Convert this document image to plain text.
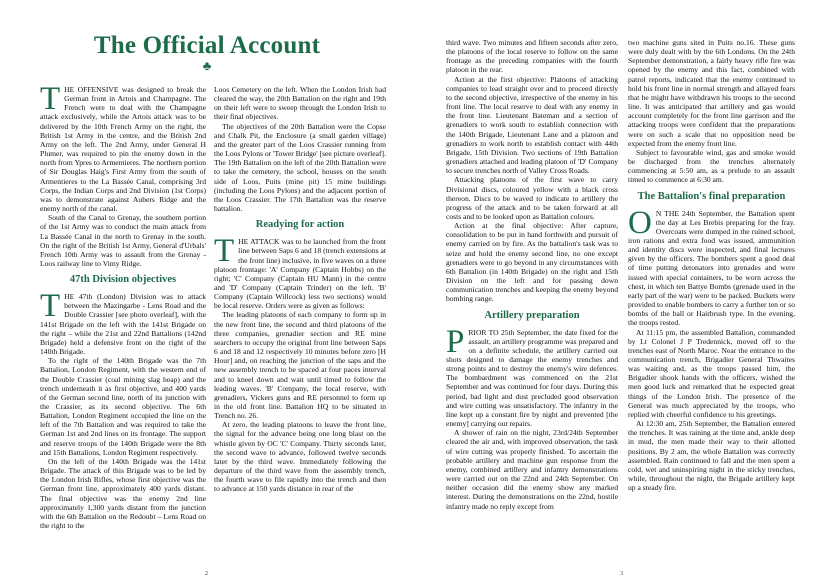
The Official Account
♣

THE OFFENSIVE was designed to break the German front in Artois and Champagne. The French were to deal with the Champagne attack exclusively, while the Artois attack was to be delivered by the 10th French Army on the right, the British 1st Army in the centre, and the British 2nd Army on the left. The 2nd Army, under General H Plumer, was required to pin the enemy down in the north from Ypres to Armentieres. The northern portion of Sir Douglas Haig's First Army from the south of Armentieres to the La Bassée Canal, comprising 3rd Corps, the Indian Corps and 2nd Division (1st Corps) was to demonstrate against Aubers Ridge and the enemy north of the canal.

South of the Canal to Grenay, the southern portion of the 1st Army was to conduct the main attack from La Bassée Canal in the north to Grenay in the south. On the right of the British 1st Army, General d'Urbals' French 10th Army was to assault from the Grenay - Loos railway line to Vimy Ridge.

47th Division objectives

THE 47th (London) Division was to attack between the Mazingarbe - Lens Road and the Double Crassier [see photo overleaf], with the 141st Brigade on the left with the 141st Brigade on the right – while the 21st and 22nd Battalions (142nd Brigade) held a defensive front on the right of the 140th Brigade.

To the right of the 140th Brigade was the 7th Battalion, London Regiment, with the western end of the Double Crassier (coal mining slag heap) and the trench underneath it as first objective, and 400 yards of the German second line, north of its junction with the Crassier, as its second objective. The 6th Battalion, London Regiment occupied the line on the left of the 7th Battalion and was required to take the German 1st and 2nd lines on its frontage. The support and reserve troops of the 140th Brigade were the 8th and 15th Battalions, London Regiment respectively.

On the left of the 140th Brigade was the 141st Brigade. The attack of this Brigade was to be led by the London Irish Rifles, whose first objective was the German front line, approximately 400 yards distant. The final objective was the enemy 2nd line approximately 1,300 yards distant from the junction with the 6th Battalion on the Redoubt – Lens Road on the right to the

Loos Cemetery on the left. When the London Irish had cleared the way, the 20th Battalion on the right and 19th on their left were to sweep through the London Irish to their final objectives.

The objectives of the 20th Battalion were the Copse and Chalk Pit, the Enclosure (a small garden village) and the greater part of the Loos Crassier running from the Loos Pylons or 'Tower Bridge' [see picture overleaf]. The 19th Battalion on the left of the 20th Battalion were to take the cemetery, the school, houses on the south side of Loos, Puits (mine pit) 15 mine buildings (including the Loos Pylons) and the adjacent portion of the Loos Crassier. The 17th Battalion was the reserve battalion.

Readying for action

THE ATTACK was to be launched from the front line between Saps 6 and 18 (trench extensions at the front line) inclusive, in five waves on a three platoon frontage: 'A' Company (Captain Hobbs) on the right; 'C' Company (Captain HU Mann) in the centre and 'D' Company (Captain Trinder) on the left. 'B' Company (Captain Willcock) less two sections) would be local reserve. Orders were as given as follows:

The leading platoons of each company to form up in the new front line, the second and third platoons of the three companies, grenadier section and RE mine searchers to occupy the original front line between Saps 6 and 18 and 12 respectively 10 minutes before zero [H Hour] and, on reaching the junction of the saps and the new assembly trench to be spaced at four paces interval and to kneel down and wait until timed to follow the leading waves. 'B' Company, the local reserve, with grenadiers, Vickers guns and RE personnel to form up in the old front line. Battalion HQ to be situated in Trench no. 26.

At zero, the leading platoons to leave the front line, the signal for the advance being one long blast on the whistle given by OC 'C' Company. Thirty seconds later, the second wave to advance, followed twelve seconds later by the third wave. Immediately following the departure of the third wave from the assembly trench, the fourth wave to file rapidly into the trench and then to advance at 150 yards distance in rear of the

third wave. Two minutes and fifteen seconds after zero, the platoons of the local reserve to follow on the same frontage as the preceding companies with the fourth platoon in the rear.

Action at the first objective: Platoons of attacking companies to lead straight over and to proceed directly to the second objective, irrespective of the enemy in his front line. The local reserve to deal with any enemy in the front line. Lieutenant Bateman and a section of grenadiers to work south to establish connection with the 140th Brigade, Lieutenant Lane and a platoon and grenadiers to work north to establish contact with 44th Brigade, 15th Division. Two sections of 19th Battalion grenadiers attached and leading platoon of 'D' Company to secure trenches north of Valley Cross Roads.

Attacking platoons of the first wave to carry Divisional discs, coloured yellow with a black cross thereon. Discs to be waved to indicate to artillery the progress of the attack and to be taken forward at all costs and to be looked upon as Battalion colours.

Action at the final objective: After capture, consolidation to be put in hand forthwith and pursuit of enemy carried on by fire. As the battalion's task was to seize and hold the enemy second line, no one except grenadiers were to go beyond in any circumstances with 6th Battalion (in 140th Brigade) on the right and 15th Division on the left and for passing down communication trenches and keeping the enemy beyond bombing range.

Artillery preparation

PRIOR TO 25th September, the date fixed for the assault, an artillery programme was prepared and on a definite schedule, the artillery carried out shots designed to damage the enemy trenches and strong points and to destroy the enemy's wire defences. The bombardment was commenced on the 21st September and was continued for four days. During this period, bad light and dust precluded good observation and wire cutting was unsatisfactory. The infantry in the line kept up a constant fire by night and prevented [the enemy] carrying out repairs.

A shower of rain on the night, 23rd/24th September cleared the air and, with improved observation, the task of wire cutting was properly finished. To ascertain the probable artillery and machine gun response from the enemy, combined artillery and infantry demonstrations were carried out on the 22nd and 24th September. On neither occasion did the enemy show any marked interest. During the demonstrations on the 22nd, hostile infantry made no reply except from

two machine guns sited in Puits no.16. These guns were duly dealt with by the 6th Londons. On the 24th September demonstration, a fairly heavy rifle fire was opened by the enemy and this fact, combined with patrol reports, indicated that the enemy continued to hold his front line in normal strength and allayed fears that he might have withdrawn his troops to the second line. It was anticipated that artillery and gas would account completely for the front line garrison and the attacking troops were confident that the preparations were on such a scale that no opposition need be expected from the enemy front line.

Subject to favourable wind, gas and smoke would be discharged from the trenches alternately commencing at 5:50 am, as a prelude to an assault timed to commence at 6:30 am.

The Battalion's final preparation

O N THE 24th September, the Battalion spent the day at Les Brebis preparing for the fray. Overcoats were dumped in the ruined school, iron rations and extra food was issued, ammunition and identity discs were inspected, and final lectures given by the officers. The bombers spent a good deal of time putting detonators into grenades and were issued with special containers, to be worn across the chest, in which ten Battye Bombs (grenade used in the early part of the war) were to be packed. Buckets were provided to enable bombers to carry a further ten or so bombs of the ball or Hairbrush type. In the evening, the troops rested.

At 11:15 pm, the assembled Battalion, commanded by Lt Colonel J P Tredennick, moved off to the trenches east of North Maroc. Near the entrance to the communication trench, Brigadier General Thwaites was waiting and, as the troops passed him, the Brigadier shook hands with the officers, wished the men good luck and remarked that he expected great things of the London Irish. The presence of the General was much appreciated by the troops, who replied with cheerful confidence to his greetings.

At 12:30 am, 25th September, the Battalion entered the trenches. It was raining at the time and, ankle deep in mud, the men made their way to their allotted positions. By 2 am, the whole Battalion was correctly assembled. Rain continued to fall and the men spent a cold, wet and uninspiring night in the sticky trenches, while, throughout the night, the Brigade artillery kept up a steady fire.

2	3
